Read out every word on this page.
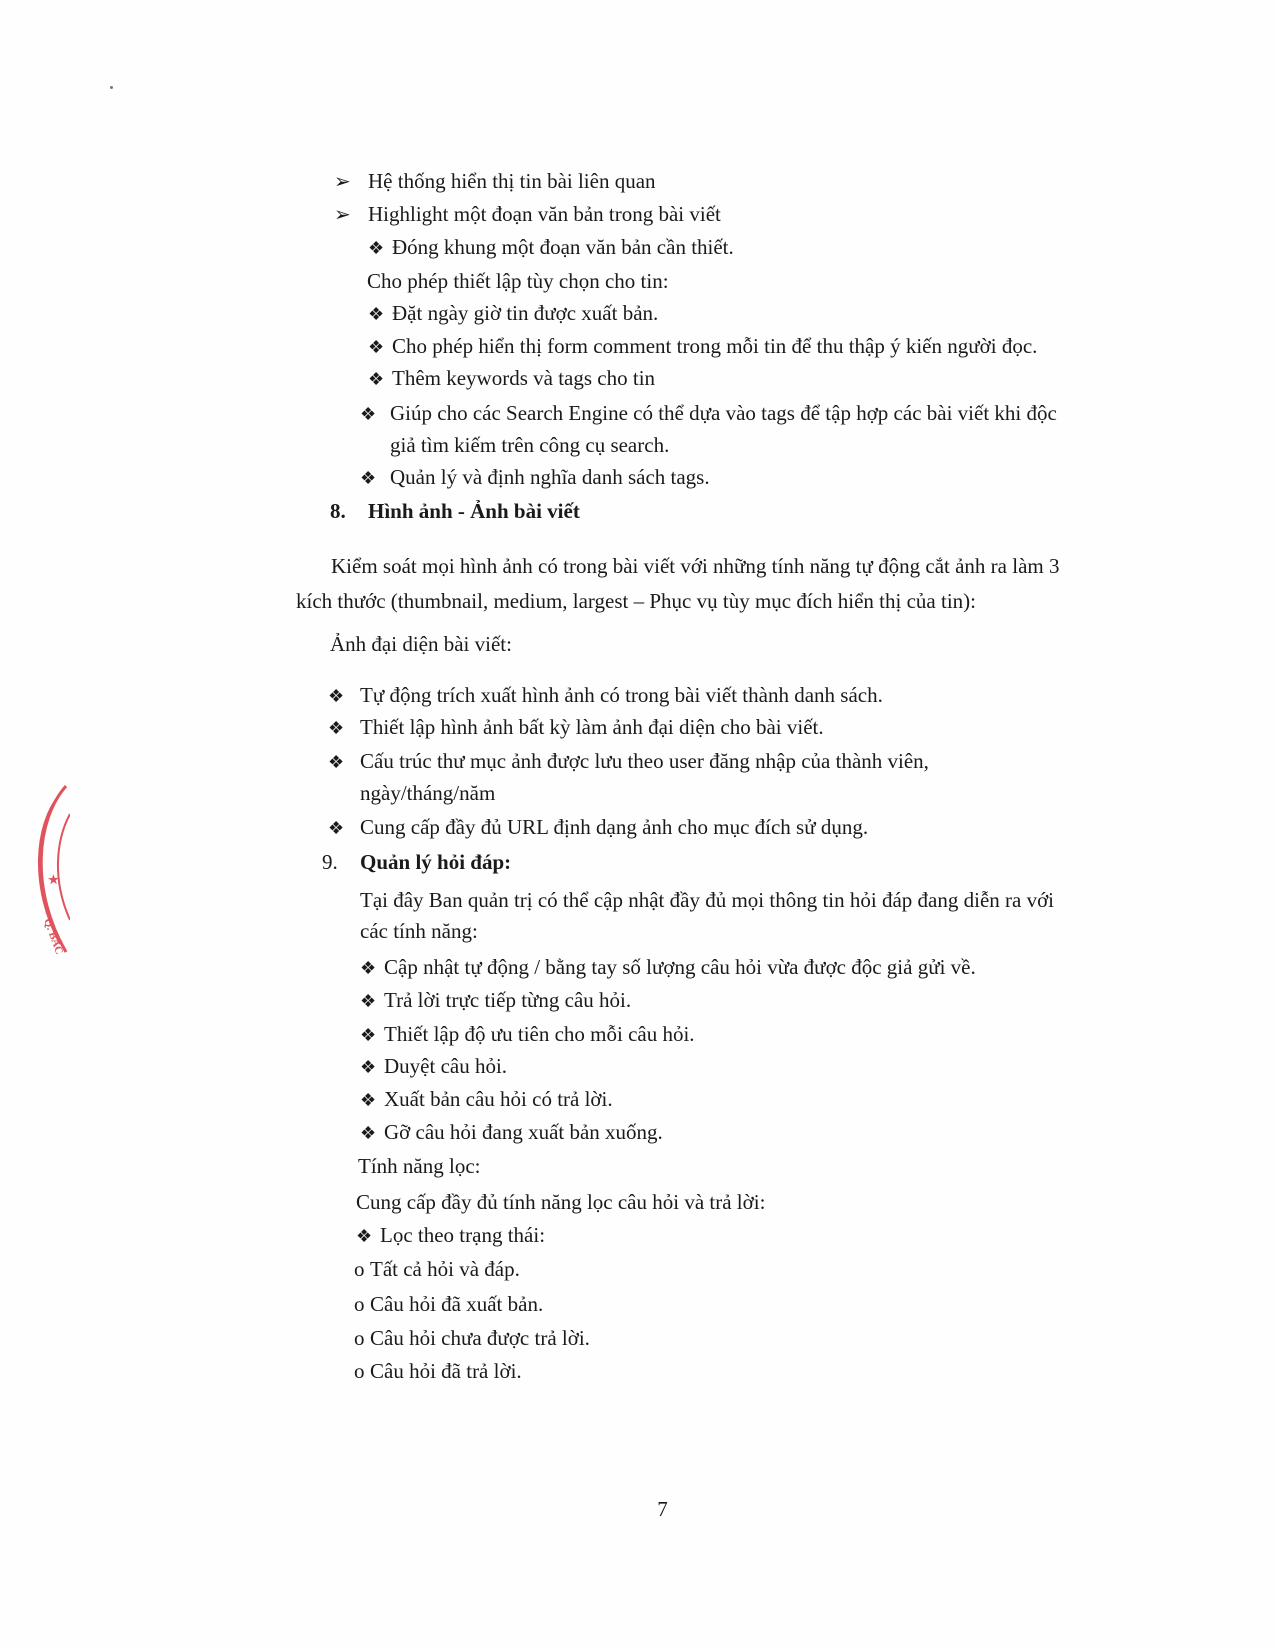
➢ Hệ thống hiển thị tin bài liên quan
➢ Highlight một đoạn văn bản trong bài viết
❖ Đóng khung một đoạn văn bản cần thiết.
Cho phép thiết lập tùy chọn cho tin:
❖ Đặt ngày giờ tin được xuất bản.
❖ Cho phép hiển thị form comment trong mỗi tin để thu thập ý kiến người đọc.
❖ Thêm keywords và tags cho tin
❖ Giúp cho các Search Engine có thể dựa vào tags để tập hợp các bài viết khi độc
giả tìm kiếm trên công cụ search.
❖ Quản lý và định nghĩa danh sách tags.
8. Hình ảnh - Ảnh bài viết
Kiểm soát mọi hình ảnh có trong bài viết với những tính năng tự động cắt ảnh ra làm 3
kích thước (thumbnail, medium, largest – Phục vụ tùy mục đích hiển thị của tin):
Ảnh đại diện bài viết:
❖ Tự động trích xuất hình ảnh có trong bài viết thành danh sách.
❖ Thiết lập hình ảnh bất kỳ làm ảnh đại diện cho bài viết.
❖ Cấu trúc thư mục ảnh được lưu theo user đăng nhập của thành viên,
ngày/tháng/năm
❖ Cung cấp đầy đủ URL định dạng ảnh cho mục đích sử dụng.
9. Quản lý hỏi đáp:
Tại đây Ban quản trị có thể cập nhật đầy đủ mọi thông tin hỏi đáp đang diễn ra với
các tính năng:
❖ Cập nhật tự động / bằng tay số lượng câu hỏi vừa được độc giả gửi về.
❖ Trả lời trực tiếp từng câu hỏi.
❖ Thiết lập độ ưu tiên cho mỗi câu hỏi.
❖ Duyệt câu hỏi.
❖ Xuất bản câu hỏi có trả lời.
❖ Gỡ câu hỏi đang xuất bản xuống.
Tính năng lọc:
Cung cấp đầy đủ tính năng lọc câu hỏi và trả lời:
❖ Lọc theo trạng thái:
o Tất cả hỏi và đáp.
o Câu hỏi đã xuất bản.
o Câu hỏi chưa được trả lời.
o Câu hỏi đã trả lời.
7
★
Q. BẮC
